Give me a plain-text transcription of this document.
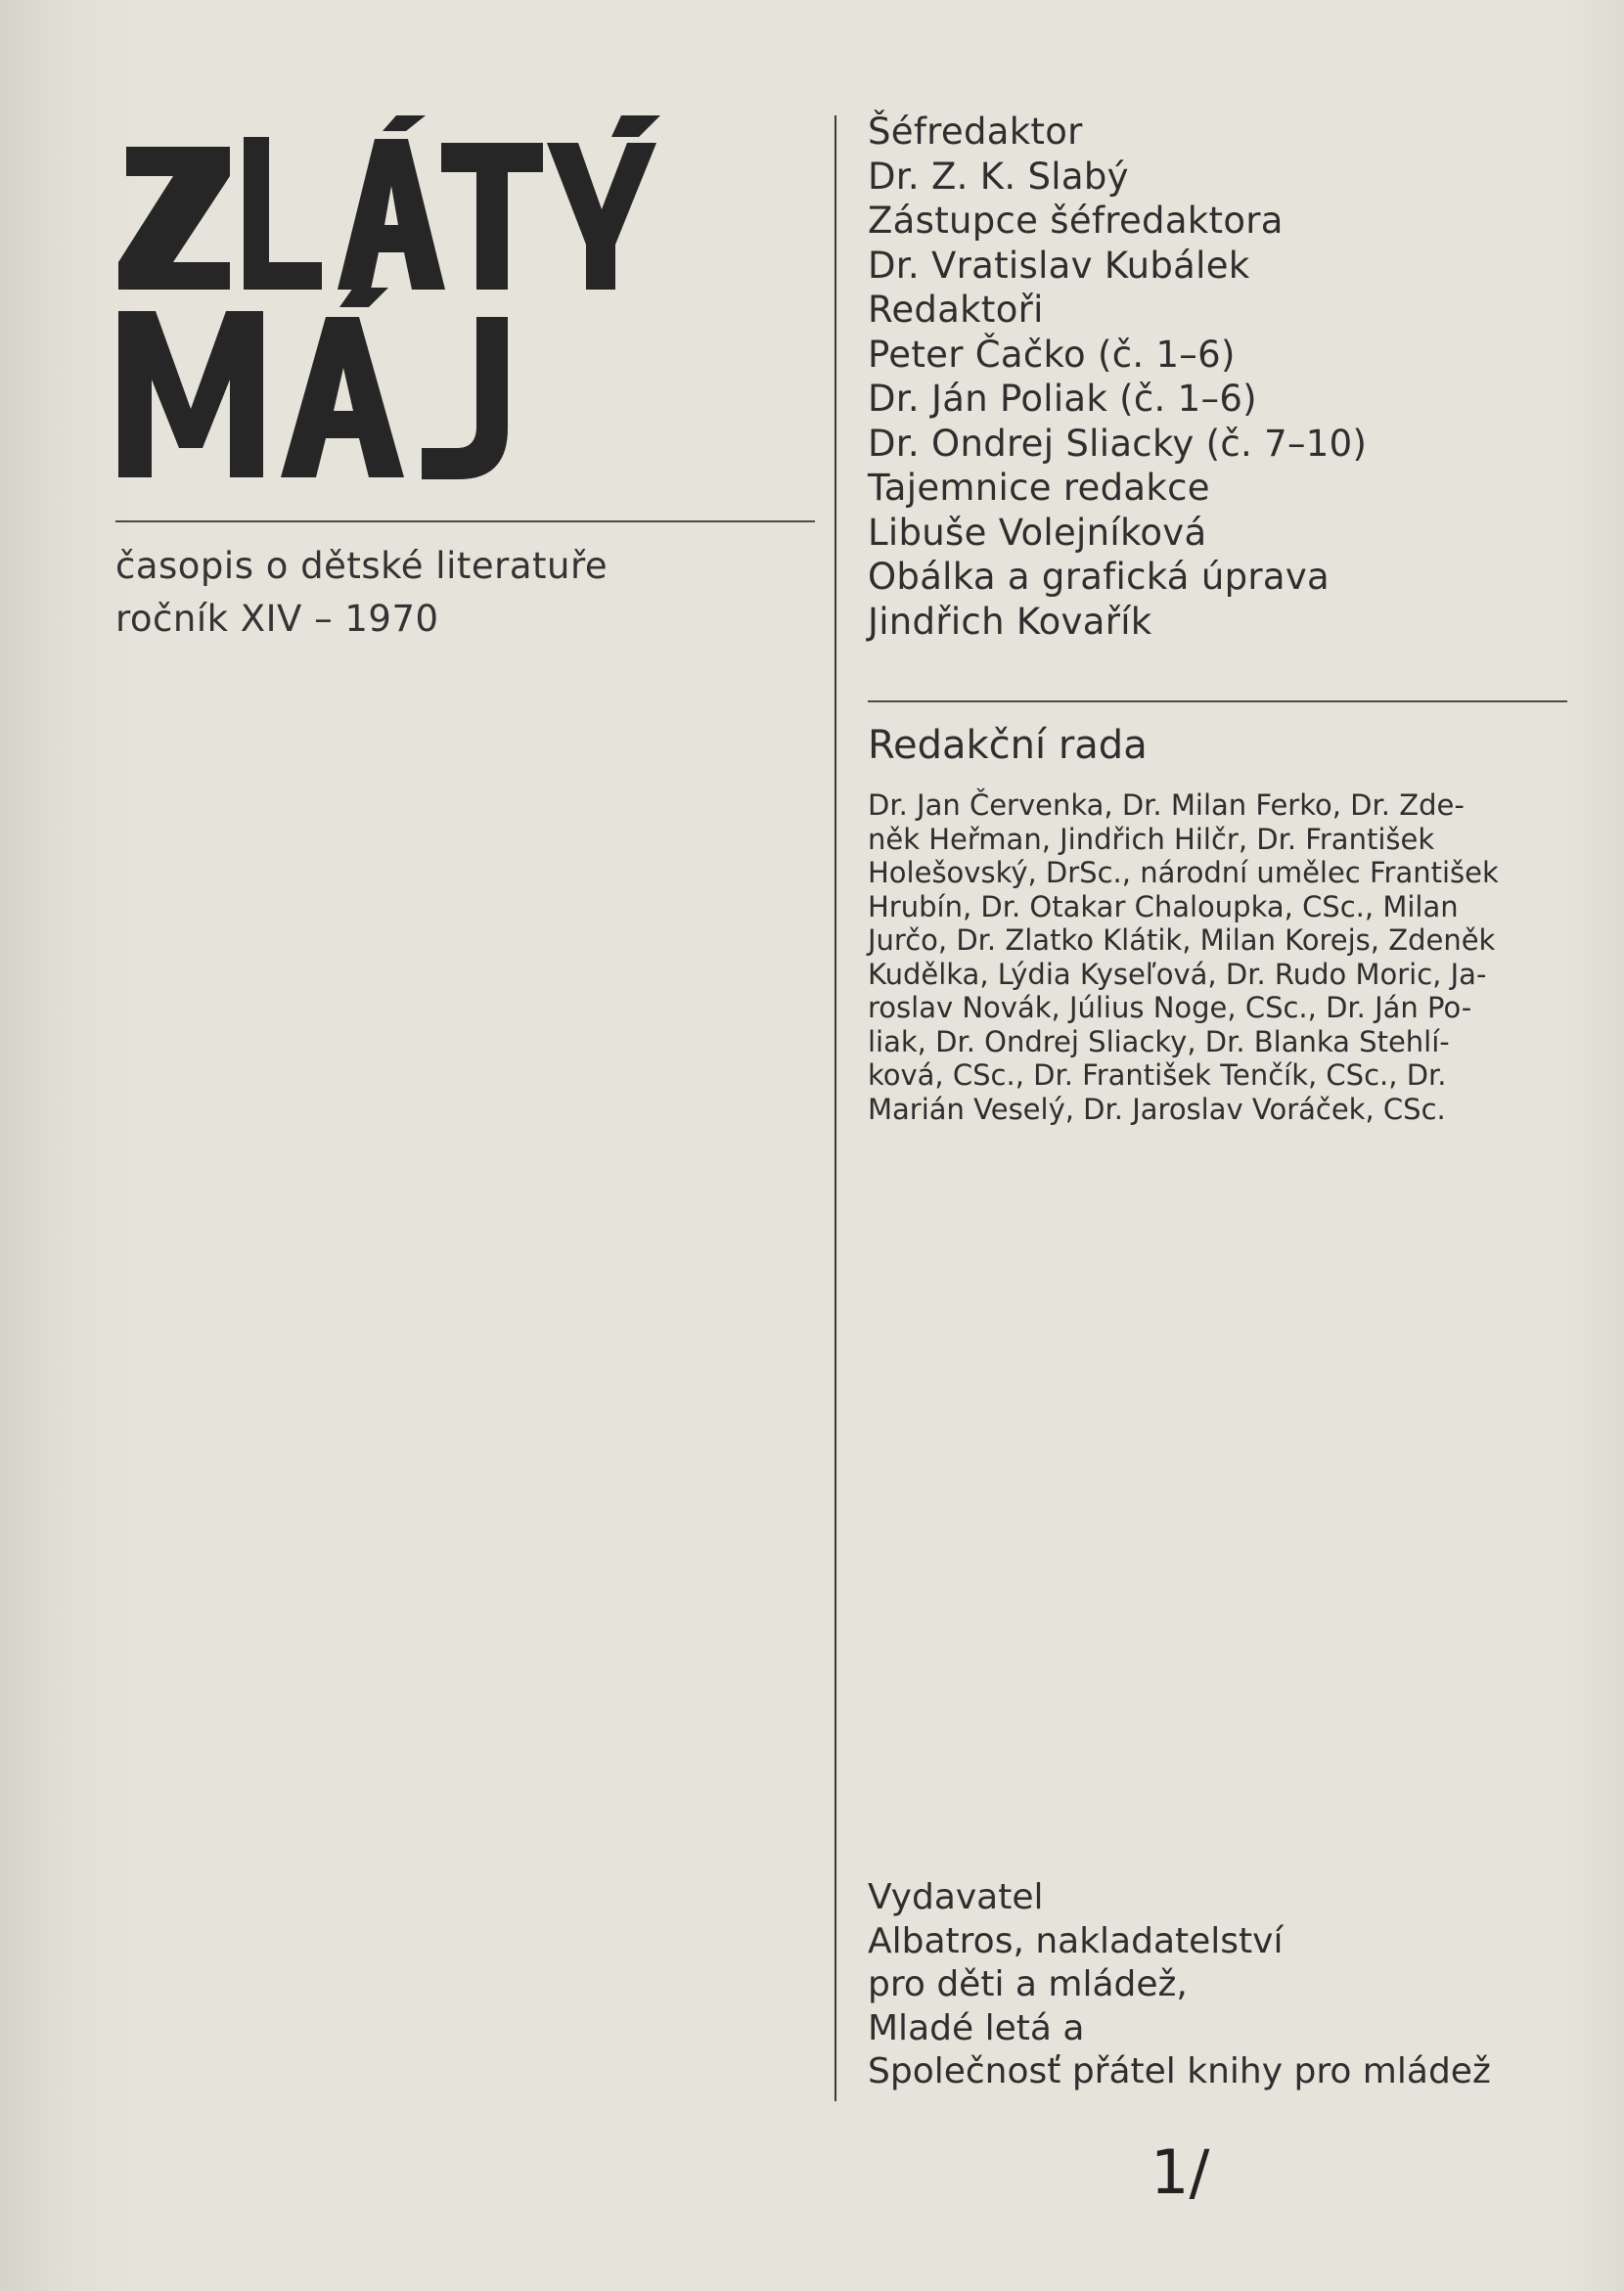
časopis o dětské literatuře
ročník XIV – 1970
Šéfredaktor
Dr. Z. K. Slabý
Zástupce šéfredaktora
Dr. Vratislav Kubálek
Redaktoři
Peter Čačko (č. 1–6)
Dr. Ján Poliak (č. 1–6)
Dr. Ondrej Sliacky (č. 7–10)
Tajemnice redakce
Libuše Volejníková
Obálka a grafická úprava
Jindřich Kovařík
Redakční rada
Dr. Jan Červenka, Dr. Milan Ferko, Dr. Zde-
něk Heřman, Jindřich Hilčr, Dr. František
Holešovský, DrSc., národní umělec František
Hrubín, Dr. Otakar Chaloupka, CSc., Milan
Jurčo, Dr. Zlatko Klátik, Milan Korejs, Zdeněk
Kudělka, Lýdia Kyseľová, Dr. Rudo Moric, Ja-
roslav Novák, Július Noge, CSc., Dr. Ján Po-
liak, Dr. Ondrej Sliacky, Dr. Blanka Stehlí-
ková, CSc., Dr. František Tenčík, CSc., Dr.
Marián Veselý, Dr. Jaroslav Voráček, CSc.
Vydavatel
Albatros, nakladatelství
pro děti a mládež,
Mladé letá a
Společnosť přátel knihy pro mládež
1/
